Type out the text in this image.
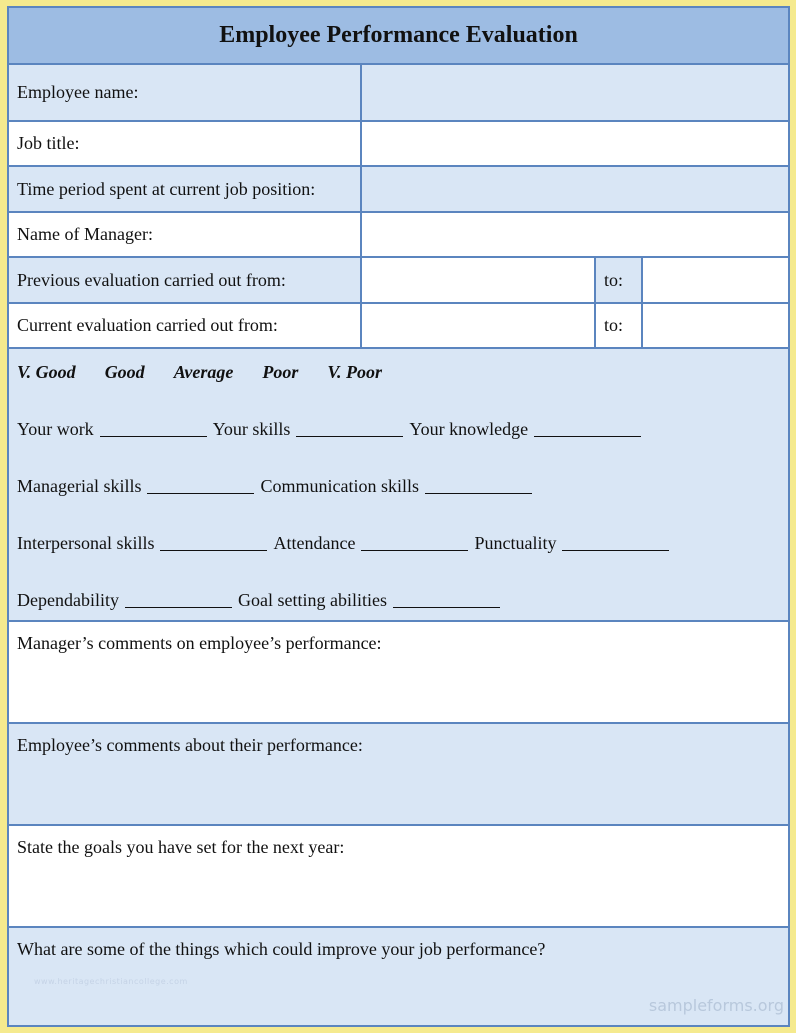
Employee Performance Evaluation
Employee name:
Job title:
Time period spent at current job position:
Name of Manager:
Previous evaluation carried out from:	to:
Current evaluation carried out from:	to:
V. Good Good Average Poor V. Poor
Your work	Your skills	Your knowledge
Managerial skills	Communication skills
Interpersonal skills	Attendance	Punctuality
Dependability	Goal setting abilities
Manager’s comments on employee’s performance:
Employee’s comments about their performance:
State the goals you have set for the next year:
What are some of the things which could improve your job performance?
www.heritagechristiancollege.com
sampleforms.org
